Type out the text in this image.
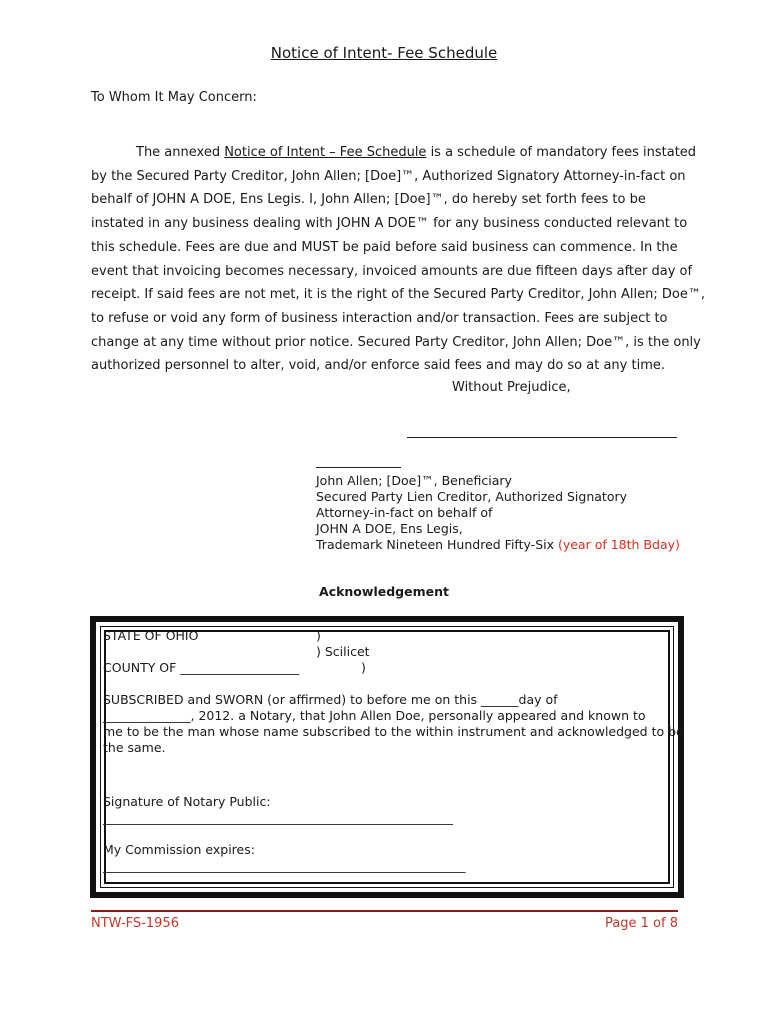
Notice of Intent- Fee Schedule
To Whom It May Concern:
The annexed Notice of Intent – Fee Schedule is a schedule of mandatory fees instated
by the Secured Party Creditor, John Allen; [Doe]™, Authorized Signatory Attorney-in-fact on
behalf of JOHN A DOE, Ens Legis. I, John Allen; [Doe]™, do hereby set forth fees to be
instated in any business dealing with JOHN A DOE™ for any business conducted relevant to
this schedule. Fees are due and MUST be paid before said business can commence. In the
event that invoicing becomes necessary, invoiced amounts are due fifteen days after day of
receipt. If said fees are not met, it is the right of the Secured Party Creditor, John Allen; Doe™,
to refuse or void any form of business interaction and/or transaction. Fees are subject to
change at any time without prior notice. Secured Party Creditor, John Allen; Doe™, is the only
authorized personnel to alter, void, and/or enforce said fees and may do so at any time.
Without Prejudice,
John Allen; [Doe]™, Beneficiary
Secured Party Lien Creditor, Authorized Signatory
Attorney-in-fact on behalf of
JOHN A DOE, Ens Legis,
Trademark Nineteen Hundred Fifty-Six (year of 18th Bday)
Acknowledgement
STATE OF OHIO	)
) Scilicet
COUNTY OF ___________________	)
SUBSCRIBED and SWORN (or affirmed) to before me on this ______day of
______________, 2012. a Notary, that John Allen Doe, personally appeared and known to
me to be the man whose name subscribed to the within instrument and acknowledged to be
the same.
Signature of Notary Public:
________________________________________________________
My Commission expires:
__________________________________________________________
NTW-FS-1956	Page 1 of 8
